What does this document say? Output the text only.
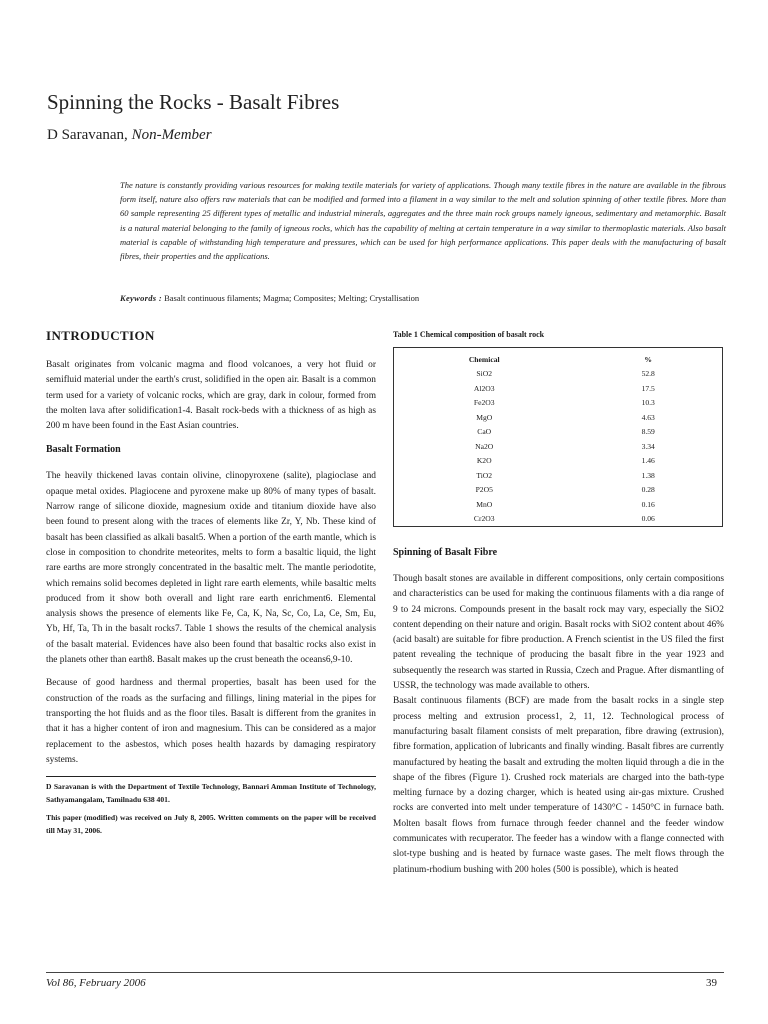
Spinning the Rocks - Basalt Fibres
D Saravanan, Non-Member
The nature is constantly providing various resources for making textile materials for variety of applications. Though many textile fibres in the nature are available in the fibrous form itself, nature also offers raw materials that can be modified and formed into a filament in a way similar to the melt and solution spinning of other textile fibres. More than 60 sample representing 25 different types of metallic and industrial minerals, aggregates and the three main rock groups namely igneous, sedimentary and metamorphic. Basalt is a natural material belonging to the family of igneous rocks, which has the capability of melting at certain temperature in a way similar to thermoplastic materials. Also basalt material is capable of withstanding high temperature and pressures, which can be used for high performance applications. This paper deals with the manufacturing of basalt fibres, their properties and the applications.
Keywords : Basalt continuous filaments; Magma; Composites; Melting; Crystallisation
INTRODUCTION

Basalt originates from volcanic magma and flood volcanoes, a very hot fluid or semifluid material under the earth's crust, solidified in the open air. Basalt is a common term used for a variety of volcanic rocks, which are gray, dark in colour, formed from the molten lava after solidification1-4. Basalt rock-beds with a thickness of as high as 200 m have been found in the East Asian countries.

Basalt Formation

The heavily thickened lavas contain olivine, clinopyroxene (salite), plagioclase and opaque metal oxides. Plagiocene and pyroxene make up 80% of many types of basalt. Narrow range of silicone dioxide, magnesium oxide and titanium dioxide have also been found to present along with the traces of elements like Zr, Y, Nb. These kind of basalt has been classified as alkali basalt5. When a portion of the earth mantle, which is close in composition to chondrite meteorites, melts to form a basaltic liquid, the light rare earths are more strongly concentrated in the basaltic melt. The mantle periodotite, which remains solid becomes depleted in light rare earth elements, while basaltic melts produced from it show both overall and light rare earth enrichment6. Elemental analysis shows the presence of elements like Fe, Ca, K, Na, Sc, Co, La, Ce, Sm, Eu, Yb, Hf, Ta, Th in the basalt rocks7. Table 1 shows the results of the chemical analysis of the basalt material. Evidences have also been found that basaltic rocks also exist in the planets other than earth8. Basalt makes up the crust beneath the oceans6,9-10.

Because of good hardness and thermal properties, basalt has been used for the construction of the roads as the surfacing and fillings, lining material in the pipes for transporting the hot fluids and as the floor tiles. Basalt is different from the granites in that it has a higher content of iron and magnesium. This can be considered as a major replacement to the asbestos, which poses health hazards by damaging respiratory systems.

D Saravanan is with the Department of Textile Technology, Bannari Amman Institute of Technology, Sathyamangalam, Tamilnadu 638 401.

This paper (modified) was received on July 8, 2005. Written comments on the paper will be received till May 31, 2006.

Table 1 Chemical composition of basalt rock
Chemical	%
SiO2	52.8
Al2O3	17.5
Fe2O3	10.3
MgO	4.63
CaO	8.59
Na2O	3.34
K2O	1.46
TiO2	1.38
P2O5	0.28
MnO	0.16
Cr2O3	0.06
Spinning of Basalt Fibre

Though basalt stones are available in different compositions, only certain compositions and characteristics can be used for making the continuous filaments with a dia range of 9 to 24 microns. Compounds present in the basalt rock may vary, especially the SiO2 content depending on their nature and origin. Basalt rocks with SiO2 content about 46% (acid basalt) are suitable for fibre production. A French scientist in the US filed the first patent revealing the technique of producing the basalt fibre in the year 1923 and subsequently the research was started in Russia, Czech and Prague. After dismantling of USSR, the technology was made available to others.

Basalt continuous filaments (BCF) are made from the basalt rocks in a single step process melting and extrusion process1, 2, 11, 12. Technological process of manufacturing basalt filament consists of melt preparation, fibre drawing (extrusion), fibre formation, application of lubricants and finally winding. Basalt fibres are currently manufactured by heating the basalt and extruding the molten liquid through a die in the shape of the fibres (Figure 1). Crushed rock materials are charged into the bath-type melting furnace by a dozing charger, which is heated using air-gas mixture. Crushed rocks are converted into melt under temperature of 1430°C - 1450°C in furnace bath. Molten basalt flows from furnace through feeder channel and the feeder window communicates with recuperator. The feeder has a window with a flange connected with slot-type bushing and is heated by furnace waste gases. The melt flows through the platinum-rhodium bushing with 200 holes (500 is possible), which is heated

Vol 86, February 2006	39
